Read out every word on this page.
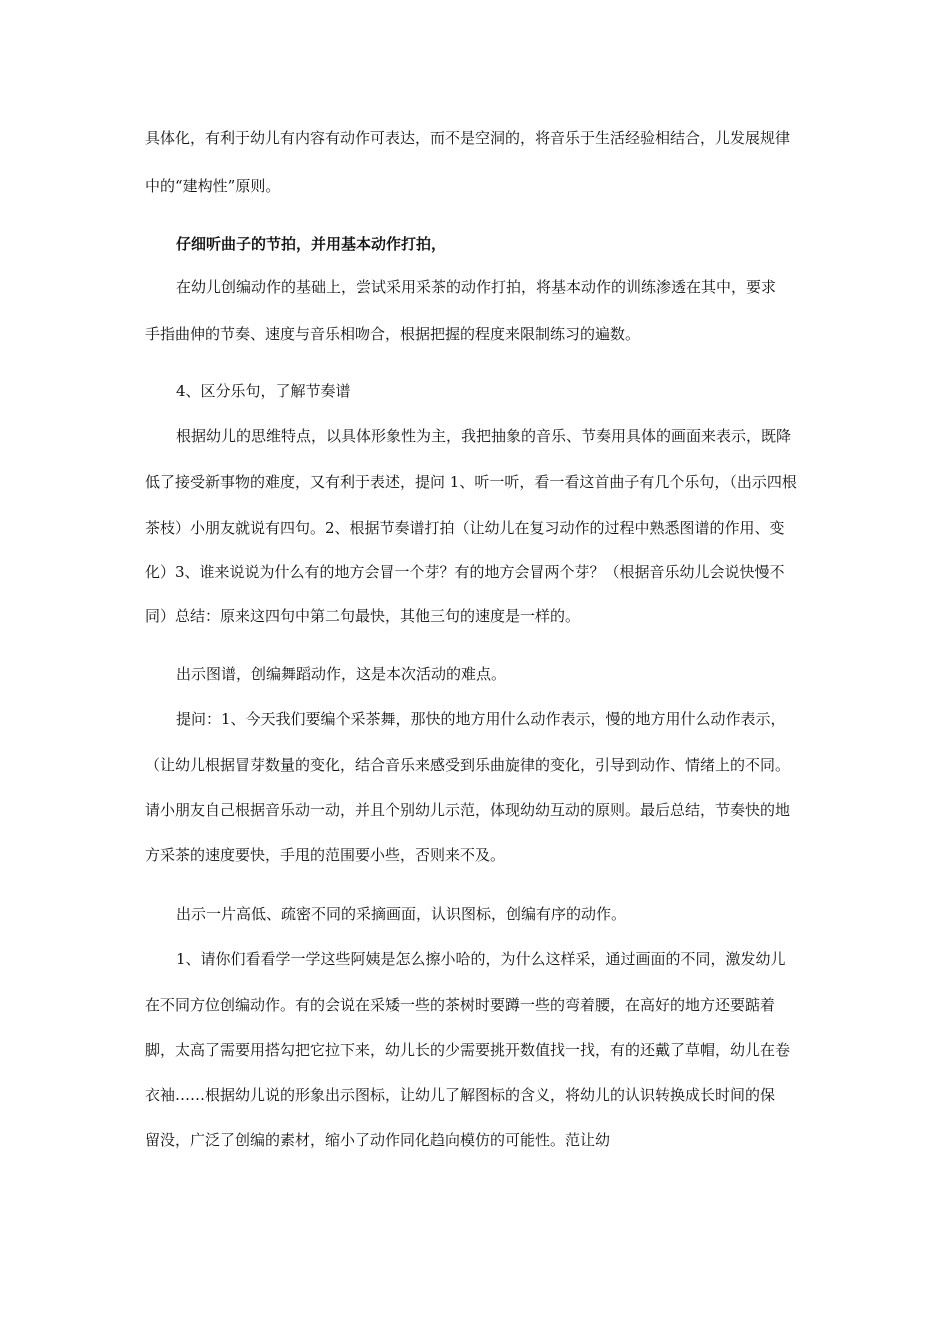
具体化，有利于幼儿有内容有动作可表达，而不是空洞的，将音乐于生活经验相结合，儿发展规律
中的“建构性”原则。
仔细听曲子的节拍，并用基本动作打拍，
在幼儿创编动作的基础上，尝试采用采茶的动作打拍，将基本动作的训练渗透在其中，要求
手指曲伸的节奏、速度与音乐相吻合，根据把握的程度来限制练习的遍数。
4、区分乐句，了解节奏谱
根据幼儿的思维特点，以具体形象性为主，我把抽象的音乐、节奏用具体的画面来表示，既降
低了接受新事物的难度，又有利于表述，提问 1、听一听，看一看这首曲子有几个乐句，（出示四根
茶枝）小朋友就说有四句。2、根据节奏谱打拍（让幼儿在复习动作的过程中熟悉图谱的作用、变
化）3、谁来说说为什么有的地方会冒一个芽？有的地方会冒两个芽？（根据音乐幼儿会说快慢不
同）总结：原来这四句中第二句最快，其他三句的速度是一样的。
出示图谱，创编舞蹈动作，这是本次活动的难点。
提问：1、今天我们要编个采茶舞，那快的地方用什么动作表示，慢的地方用什么动作表示，
（让幼儿根据冒芽数量的变化，结合音乐来感受到乐曲旋律的变化，引导到动作、情绪上的不同。
请小朋友自己根据音乐动一动，并且个别幼儿示范，体现幼幼互动的原则。最后总结，节奏快的地
方采茶的速度要快，手甩的范围要小些，否则来不及。
出示一片高低、疏密不同的采摘画面，认识图标，创编有序的动作。
1、请你们看看学一学这些阿姨是怎么擦小哈的，为什么这样采，通过画面的不同，激发幼儿
在不同方位创编动作。有的会说在采矮一些的茶树时要蹲一些的弯着腰，在高好的地方还要踮着
脚，太高了需要用搭勾把它拉下来，幼儿长的少需要挑开数值找一找，有的还戴了草帽，幼儿在卷
衣袖……根据幼儿说的形象出示图标，让幼儿了解图标的含义，将幼儿的认识转换成长时间的保
留没，广泛了创编的素材，缩小了动作同化趋向模仿的可能性。范让幼
